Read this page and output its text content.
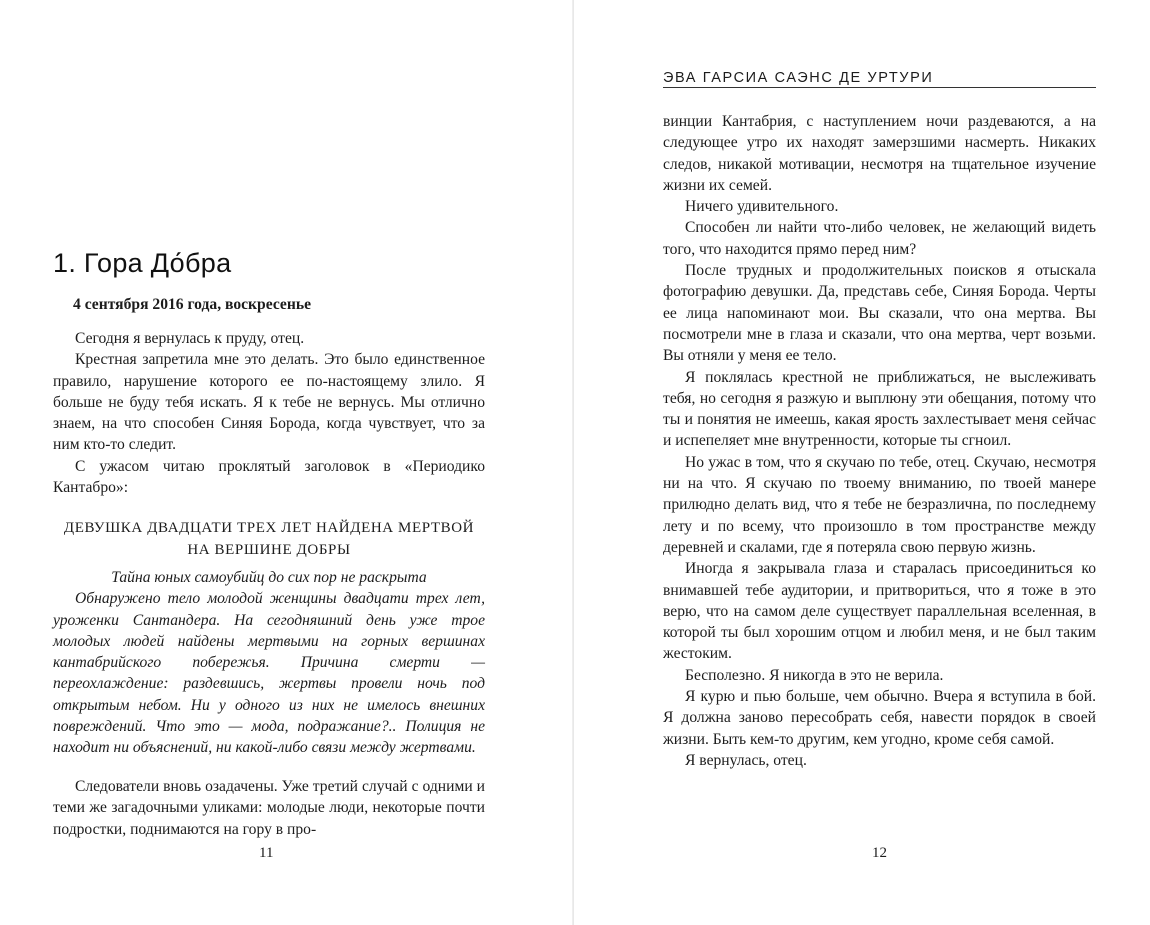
1. Гора До́бра

4 сентября 2016 года, воскресенье

Сегодня я вернулась к пруду, отец.

Крестная запретила мне это делать. Это было единственное правило, нарушение которого ее по-настоящему злило. Я больше не буду тебя искать. Я к тебе не вернусь. Мы отлично знаем, на что способен Синяя Борода, когда чувствует, что за ним кто-то следит.

С ужасом читаю проклятый заголовок в «Периодико Кантабро»:

ДЕВУШКА ДВАДЦАТИ ТРЕХ ЛЕТ НАЙДЕНА МЕРТВОЙ
НА ВЕРШИНЕ ДОБРЫ

Тайна юных самоубийц до сих пор не раскрыта

Обнаружено тело молодой женщины двадцати трех лет, уроженки Сантандера. На сегодняшний день уже трое молодых людей найдены мертвыми на горных вершинах кантабрийского побережья. Причина смерти — переохлаждение: раздевшись, жертвы провели ночь под открытым небом. Ни у одного из них не имелось внешних повреждений. Что это — мода, подражание?.. Полиция не находит ни объяснений, ни какой-либо связи между жертвами.

Следователи вновь озадачены. Уже третий случай с одними и теми же загадочными уликами: молодые люди, некоторые почти подростки, поднимаются на гору в про-

11

ЭВА ГАРСИА САЭНС ДЕ УРТУРИ

винции Кантабрия, с наступлением ночи раздеваются, а на следующее утро их находят замерзшими насмерть. Никаких следов, никакой мотивации, несмотря на тщательное изучение жизни их семей.

Ничего удивительного.

Способен ли найти что-либо человек, не желающий видеть того, что находится прямо перед ним?

После трудных и продолжительных поисков я отыскала фотографию девушки. Да, представь себе, Синяя Борода. Черты ее лица напоминают мои. Вы сказали, что она мертва. Вы посмотрели мне в глаза и сказали, что она мертва, черт возьми. Вы отняли у меня ее тело.

Я поклялась крестной не приближаться, не выслеживать тебя, но сегодня я разжую и выплюну эти обещания, потому что ты и понятия не имеешь, какая ярость захлестывает меня сейчас и испепеляет мне внутренности, которые ты сгноил.

Но ужас в том, что я скучаю по тебе, отец. Скучаю, несмотря ни на что. Я скучаю по твоему вниманию, по твоей манере прилюдно делать вид, что я тебе не безразлична, по последнему лету и по всему, что произошло в том пространстве между деревней и скалами, где я потеряла свою первую жизнь.

Иногда я закрывала глаза и старалась присоединиться ко внимавшей тебе аудитории, и притвориться, что я тоже в это верю, что на самом деле существует параллельная вселенная, в которой ты был хорошим отцом и любил меня, и не был таким жестоким.

Бесполезно. Я никогда в это не верила.

Я курю и пью больше, чем обычно. Вчера я вступила в бой. Я должна заново пересобрать себя, навести порядок в своей жизни. Быть кем-то другим, кем угодно, кроме себя самой.

Я вернулась, отец.

12
